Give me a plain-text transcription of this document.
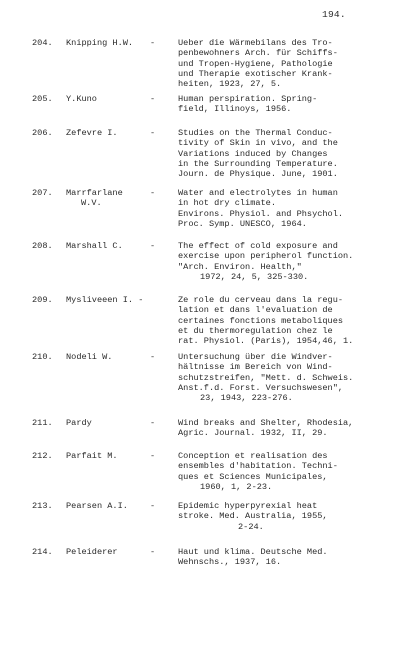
194.
204. Knipping H.W.	-	Ueber die Wärmebilans des Tro-
penbewohners Arch. für Schiffs-
und Tropen-Hygiene, Pathologie
und Therapie exotischer Krank-
heiten, 1923, 27, 5.
205. Y.Kuno	-	Human perspiration. Spring-
field, Illinoys, 1956.
206. Zefevre I.	-	Studies on the Thermal Conduc-
tivity of Skin in vivo, and the
Variations induced by Changes
in the Surrounding Temperature.
Journ. de Physique. June, 1901.
207. Marrfarlane
W.V.
-	Water and electrolytes in human
in hot dry climate.
Environs. Physiol. and Phsychol.
Proc. Symp. UNESCO, 1964.
208. Marshall C.	-	The effect of cold exposure and
exercise upon peripherol function.
"Arch. Environ. Health,"
1972, 24, 5, 325-330.
209. Mysliveeen I. -	Ze role du cerveau dans la regu-
lation et dans l'evaluation de
certaines fonctions metaboliques
et du thermoregulation chez le
rat. Physiol. (Paris), 1954,46, 1.
210. Nodeli W.	-	Untersuchung über die Windver-
hältnisse im Bereich von Wind-
schutzstreifen, "Mett. d. Schweis.
Anst.f.d. Forst. Versuchswesen",
23, 1943, 223-276.
211. Pardy	-	Wind breaks and Shelter, Rhodesia,
Agric. Journal. 1932, II, 29.
212. Parfait M.	-	Conception et realisation des
ensembles d'habitation. Techni-
ques et Sciences Municipales,
1960, 1, 2-23.
213. Pearsen A.I.	-	Epidemic hyperpyrexial heat
stroke. Med. Australia, 1955,
2-24.
214. Peleiderer	-	Haut und klima. Deutsche Med.
Wehnschs., 1937, 16.
